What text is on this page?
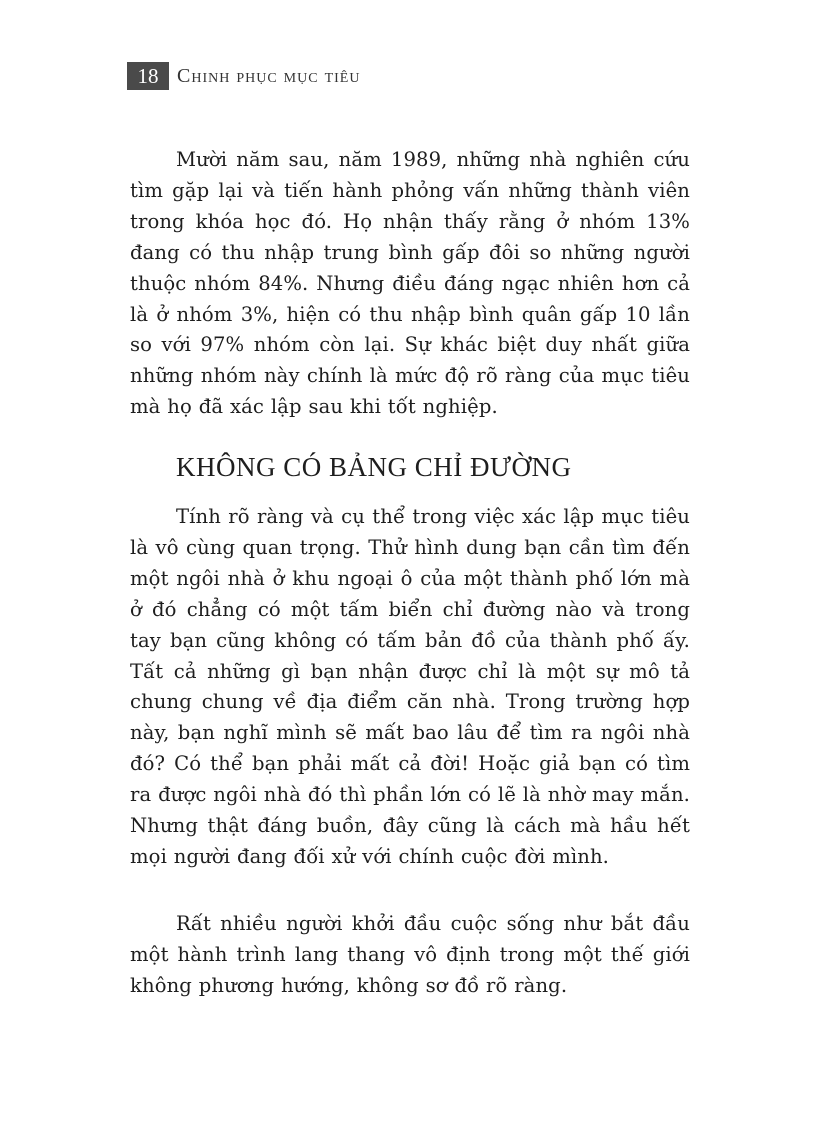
18 Chinh phục mục tiêu

Mười năm sau, năm 1989, những nhà nghiên cứu tìm gặp lại và tiến hành phỏng vấn những thành viên trong khóa học đó. Họ nhận thấy rằng ở nhóm 13% đang có thu nhập trung bình gấp đôi so những người thuộc nhóm 84%. Nhưng điều đáng ngạc nhiên hơn cả là ở nhóm 3%, hiện có thu nhập bình quân gấp 10 lần so với 97% nhóm còn lại. Sự khác biệt duy nhất giữa những nhóm này chính là mức độ rõ ràng của mục tiêu mà họ đã xác lập sau khi tốt nghiệp.

KHÔNG CÓ BẢNG CHỈ ĐƯỜNG

Tính rõ ràng và cụ thể trong việc xác lập mục tiêu là vô cùng quan trọng. Thử hình dung bạn cần tìm đến một ngôi nhà ở khu ngoại ô của một thành phố lớn mà ở đó chẳng có một tấm biển chỉ đường nào và trong tay bạn cũng không có tấm bản đồ của thành phố ấy. Tất cả những gì bạn nhận được chỉ là một sự mô tả chung chung về địa điểm căn nhà. Trong trường hợp này, bạn nghĩ mình sẽ mất bao lâu để tìm ra ngôi nhà đó? Có thể bạn phải mất cả đời! Hoặc giả bạn có tìm ra được ngôi nhà đó thì phần lớn có lẽ là nhờ may mắn. Nhưng thật đáng buồn, đây cũng là cách mà hầu hết mọi người đang đối xử với chính cuộc đời mình.

Rất nhiều người khởi đầu cuộc sống như bắt đầu một hành trình lang thang vô định trong một thế giới không phương hướng, không sơ đồ rõ ràng.
